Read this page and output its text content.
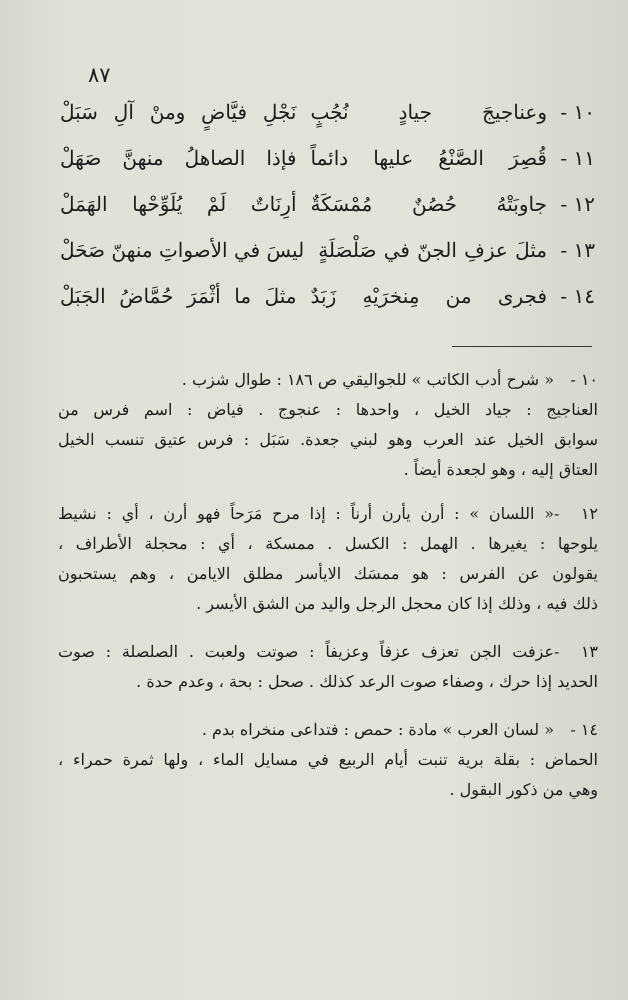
٨٧
١٠ -
وعناجيجَ جيادٍ نُجُبٍ
نَجْلِ فيَّاضٍ ومنْ آلِ سَبَلْ
١١ -
قُصِرَ الصَّنْعُ عليها دائماً
فإذا الصاهلُ منهنَّ صَهَلْ
١٢ -
جاوبَتْهُ حُصُنٌ مُمْسَكَةٌ
أرِنَاتٌ لَمْ يُلَوِّحْها الهَمَلْ
١٣ -
مثلَ عزفِ الجنّ في صَلْصَلَةٍ
ليسَ في الأصواتِ منهنّ صَحَلْ
١٤ -
فجرى من مِنخرَيْهِ زَبَدٌ
مثلَ ما أثْمَرَ حُمَّاضُ الجَبَلْ
١٠ -« شرح أدب الكاتب » للجواليقي ص ١٨٦ : طوال شزب .
العناجيج : جياد الخيل ، واحدها : عنجوج . فياض : اسم فرس من
سوابق الخيل عند العرب وهو لبني جعدة. سَبَل : فرس عتيق تنسب الخيل
العتاق إليه ، وهو لجعدة أيضاً .
١٢ -« اللسان » : أرن يأرن أرناً : إذا مرح مَرَحاً فهو أرن ، أي : نشيط
يلوحها : يغيرها . الهمل : الكسل . ممسكة ، أي : محجلة الأطراف ،
يقولون عن الفرس : هو ممسَك الايأسر مطلق الايامن ، وهم يستحبون
ذلك فيه ، وذلك إذا كان محجل الرجل واليد من الشق الأيسر .
١٣ -عزفت الجن تعزف عزفاً وعزيفاً : صوتت ولعبت . الصلصلة : صوت
الحديد إذا حرك ، وصفاء صوت الرعد كذلك . صحل : بحة ، وعدم حدة .
١٤ -« لسان العرب » مادة : حمص : فتداعى منخراه بدم .
الحماض : بقلة برية تنبت أيام الربيع في مسايل الماء ، ولها ثمرة حمراء ،
وهي من ذكور البقول .
